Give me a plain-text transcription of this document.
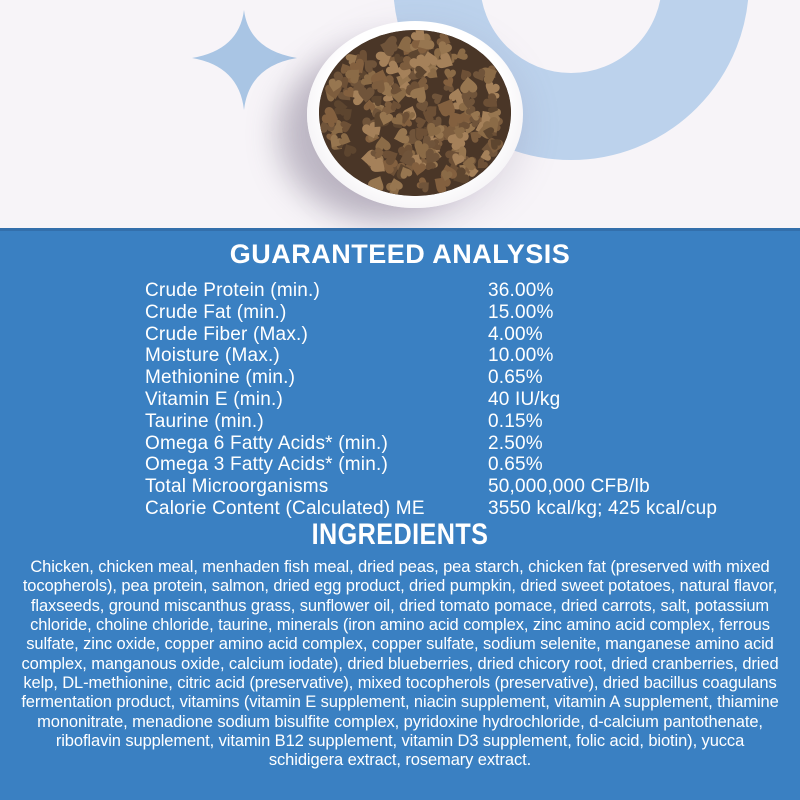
GUARANTEED ANALYSIS
Crude Protein (min.)	36.00%
Crude Fat (min.)	15.00%
Crude Fiber (Max.)	4.00%
Moisture (Max.)	10.00%
Methionine (min.)	0.65%
Vitamin E (min.)	40 IU/kg
Taurine (min.)	0.15%
Omega 6 Fatty Acids* (min.)	2.50%
Omega 3 Fatty Acids* (min.)	0.65%
Total Microorganisms	50,000,000 CFB/lb
Calorie Content (Calculated) ME	3550 kcal/kg; 425 kcal/cup
INGREDIENTS

Chicken, chicken meal, menhaden fish meal, dried peas, pea starch, chicken fat (preserved with mixed tocopherols), pea protein, salmon, dried egg product, dried pumpkin, dried sweet potatoes, natural flavor, flaxseeds, ground miscanthus grass, sunflower oil, dried tomato pomace, dried carrots, salt, potassium chloride, choline chloride, taurine, minerals (iron amino acid complex, zinc amino acid complex, ferrous sulfate, zinc oxide, copper amino acid complex, copper sulfate, sodium selenite, manganese amino acid complex, manganous oxide, calcium iodate), dried blueberries, dried chicory root, dried cranberries, dried kelp, DL-methionine, citric acid (preservative), mixed tocopherols (preservative), dried bacillus coagulans fermentation product, vitamins (vitamin E supplement, niacin supplement, vitamin A supplement, thiamine mononitrate, menadione sodium bisulfite complex, pyridoxine hydrochloride, d-calcium pantothenate, riboflavin supplement, vitamin B12 supplement, vitamin D3 supplement, folic acid, biotin), yucca schidigera extract, rosemary extract.
